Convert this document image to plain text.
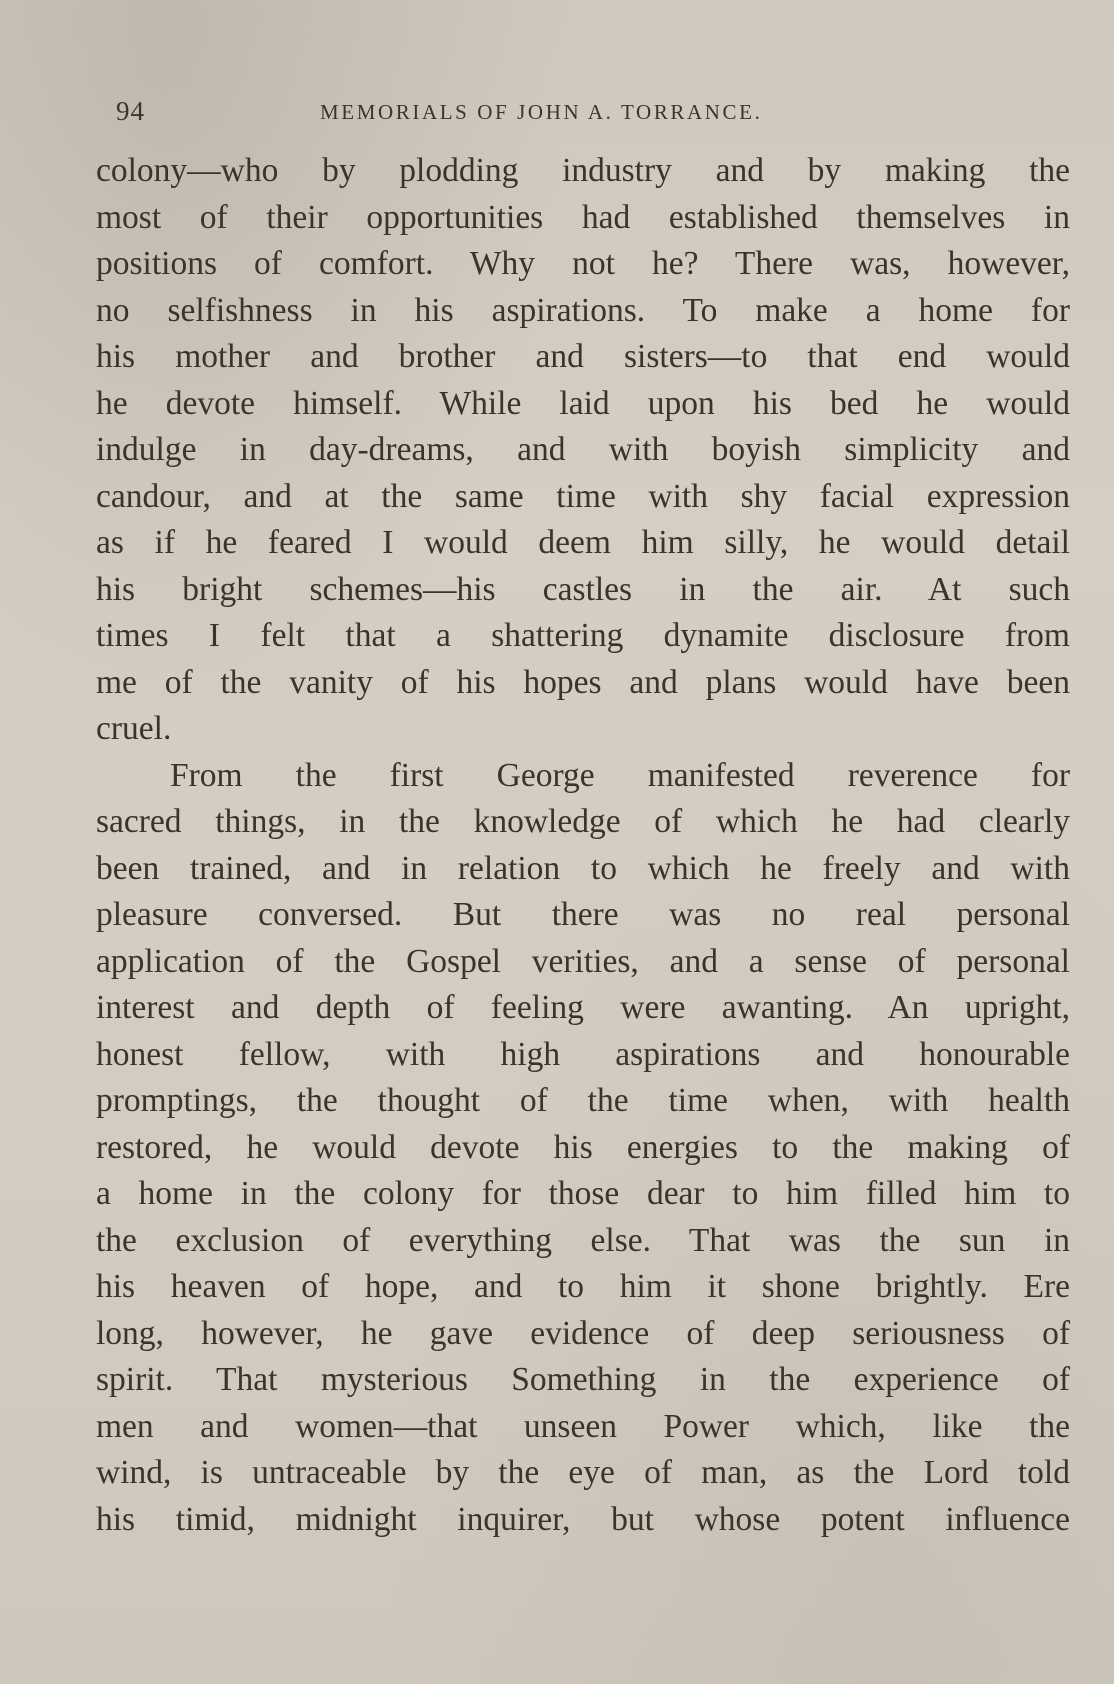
94	MEMORIALS OF JOHN A. TORRANCE.
colony—who by plodding industry and by making the
most of their opportunities had established themselves in
positions of comfort. Why not he? There was, however,
no selfishness in his aspirations. To make a home for
his mother and brother and sisters—to that end would
he devote himself. While laid upon his bed he would
indulge in day-dreams, and with boyish simplicity and
candour, and at the same time with shy facial expression
as if he feared I would deem him silly, he would detail
his bright schemes—his castles in the air. At such
times I felt that a shattering dynamite disclosure from
me of the vanity of his hopes and plans would have been
cruel.
From the first George manifested reverence for
sacred things, in the knowledge of which he had clearly
been trained, and in relation to which he freely and with
pleasure conversed. But there was no real personal
application of the Gospel verities, and a sense of personal
interest and depth of feeling were awanting. An upright,
honest fellow, with high aspirations and honourable
promptings, the thought of the time when, with health
restored, he would devote his energies to the making of
a home in the colony for those dear to him filled him to
the exclusion of everything else. That was the sun in
his heaven of hope, and to him it shone brightly. Ere
long, however, he gave evidence of deep seriousness of
spirit. That mysterious Something in the experience of
men and women—that unseen Power which, like the
wind, is untraceable by the eye of man, as the Lord told
his timid, midnight inquirer, but whose potent influence
